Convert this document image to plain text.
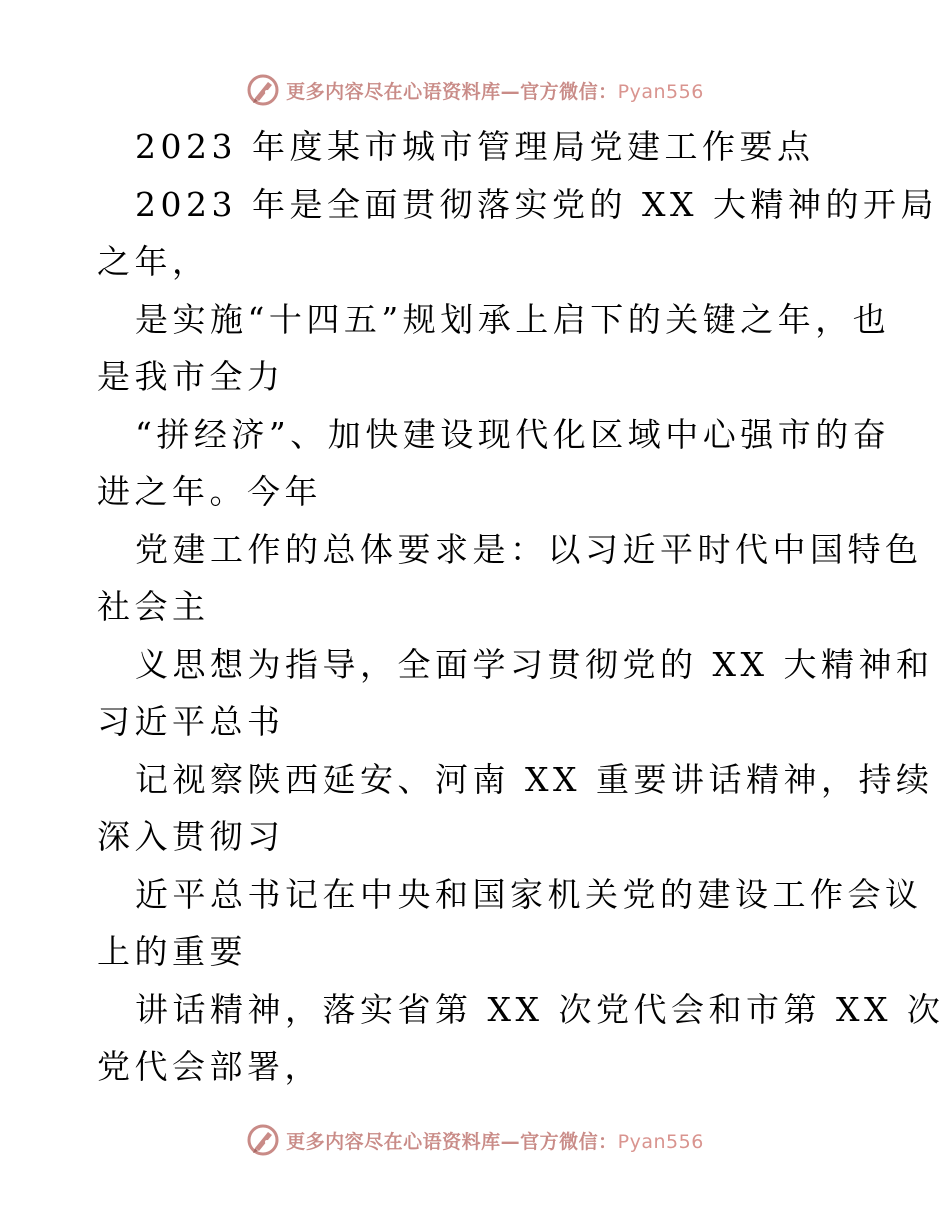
更多内容尽在心语资料库—官方微信：Pyan556
2023 年度某市城市管理局党建工作要点
2023 年是全面贯彻落实党的 XX 大精神的开局
之年，
是实施“十四五”规划承上启下的关键之年，也
是我市全力
“拼经济”、加快建设现代化区域中心强市的奋
进之年。今年
党建工作的总体要求是：以习近平时代中国特色
社会主
义思想为指导，全面学习贯彻党的 XX 大精神和
习近平总书
记视察陕西延安、河南 XX 重要讲话精神，持续
深入贯彻习
近平总书记在中央和国家机关党的建设工作会议
上的重要
讲话精神，落实省第 XX 次党代会和市第 XX 次
党代会部署，
更多内容尽在心语资料库—官方微信：Pyan556
